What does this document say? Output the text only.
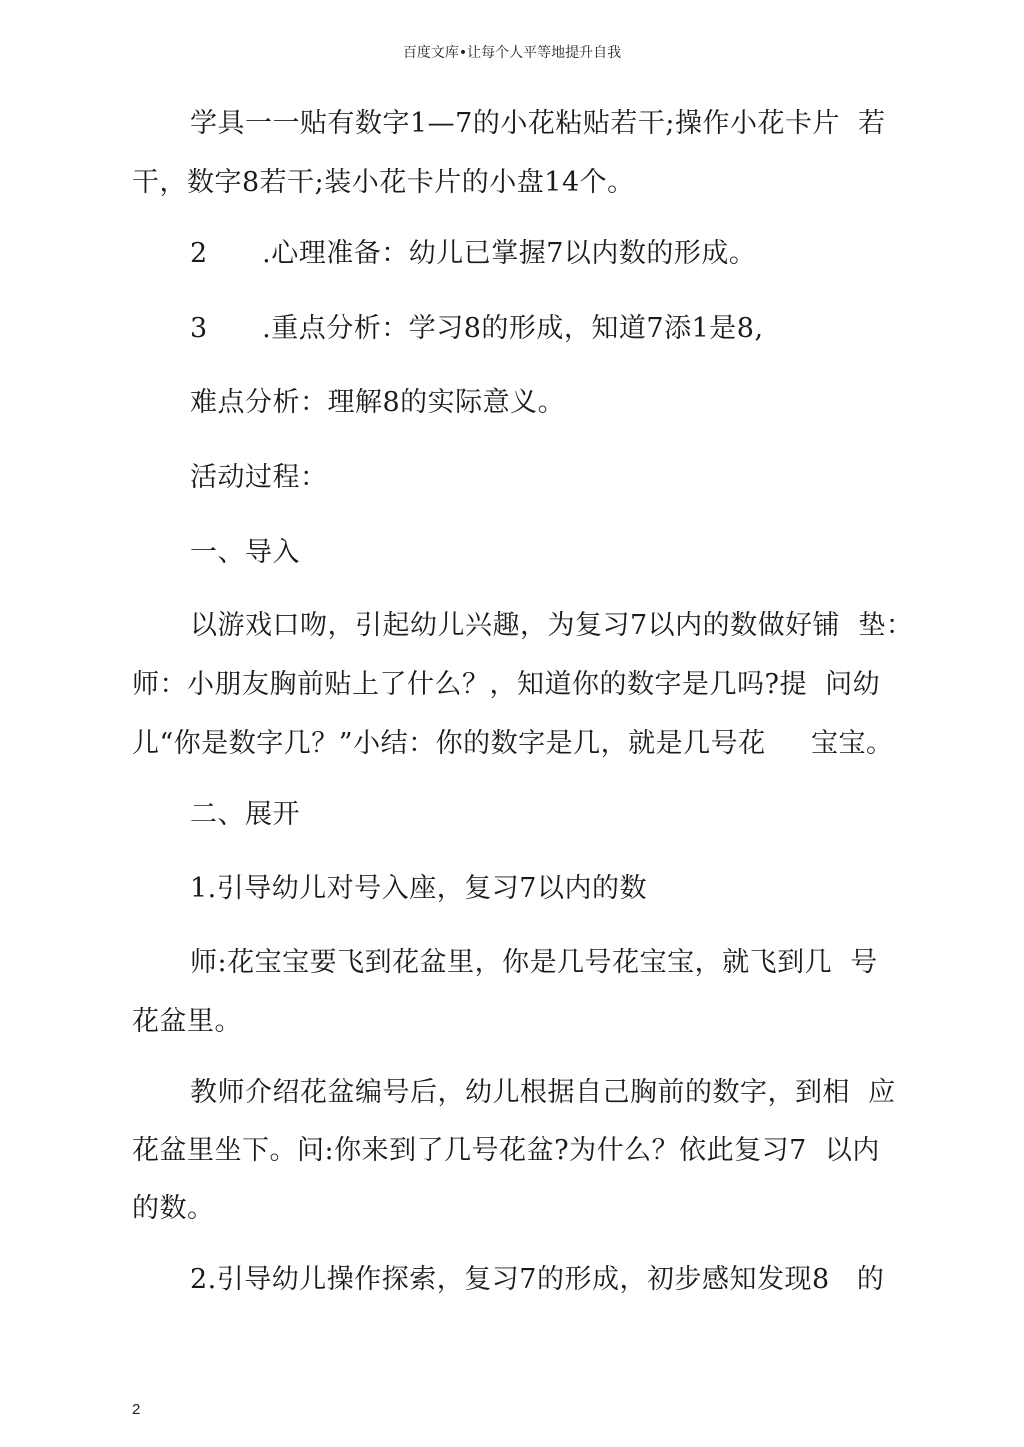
百度文库•让每个人平等地提升自我
学具一一贴有数字1—7的小花粘贴若干;操作小花卡片  若
干，数字8若干;装小花卡片的小盘14个。
2      .心理准备：幼儿已掌握7以内数的形成。
3      .重点分析：学习8的形成，知道7添1是8,
难点分析：理解8的实际意义。
活动过程：
一、导入
以游戏口吻，引起幼儿兴趣，为复习7以内的数做好铺  垫：
师：小朋友胸前贴上了什么？，知道你的数字是几吗?提  问幼
儿“你是数字几？”小结：你的数字是几，就是几号花     宝宝。
二、展开
1.引导幼儿对号入座，复习7以内的数
师:花宝宝要飞到花盆里，你是几号花宝宝，就飞到几  号
花盆里。
教师介绍花盆编号后，幼儿根据自己胸前的数字，到相  应
花盆里坐下。问:你来到了几号花盆?为什么？依此复习7  以内
的数。
2.引导幼儿操作探索，复习7的形成，初步感知发现8   的
2
